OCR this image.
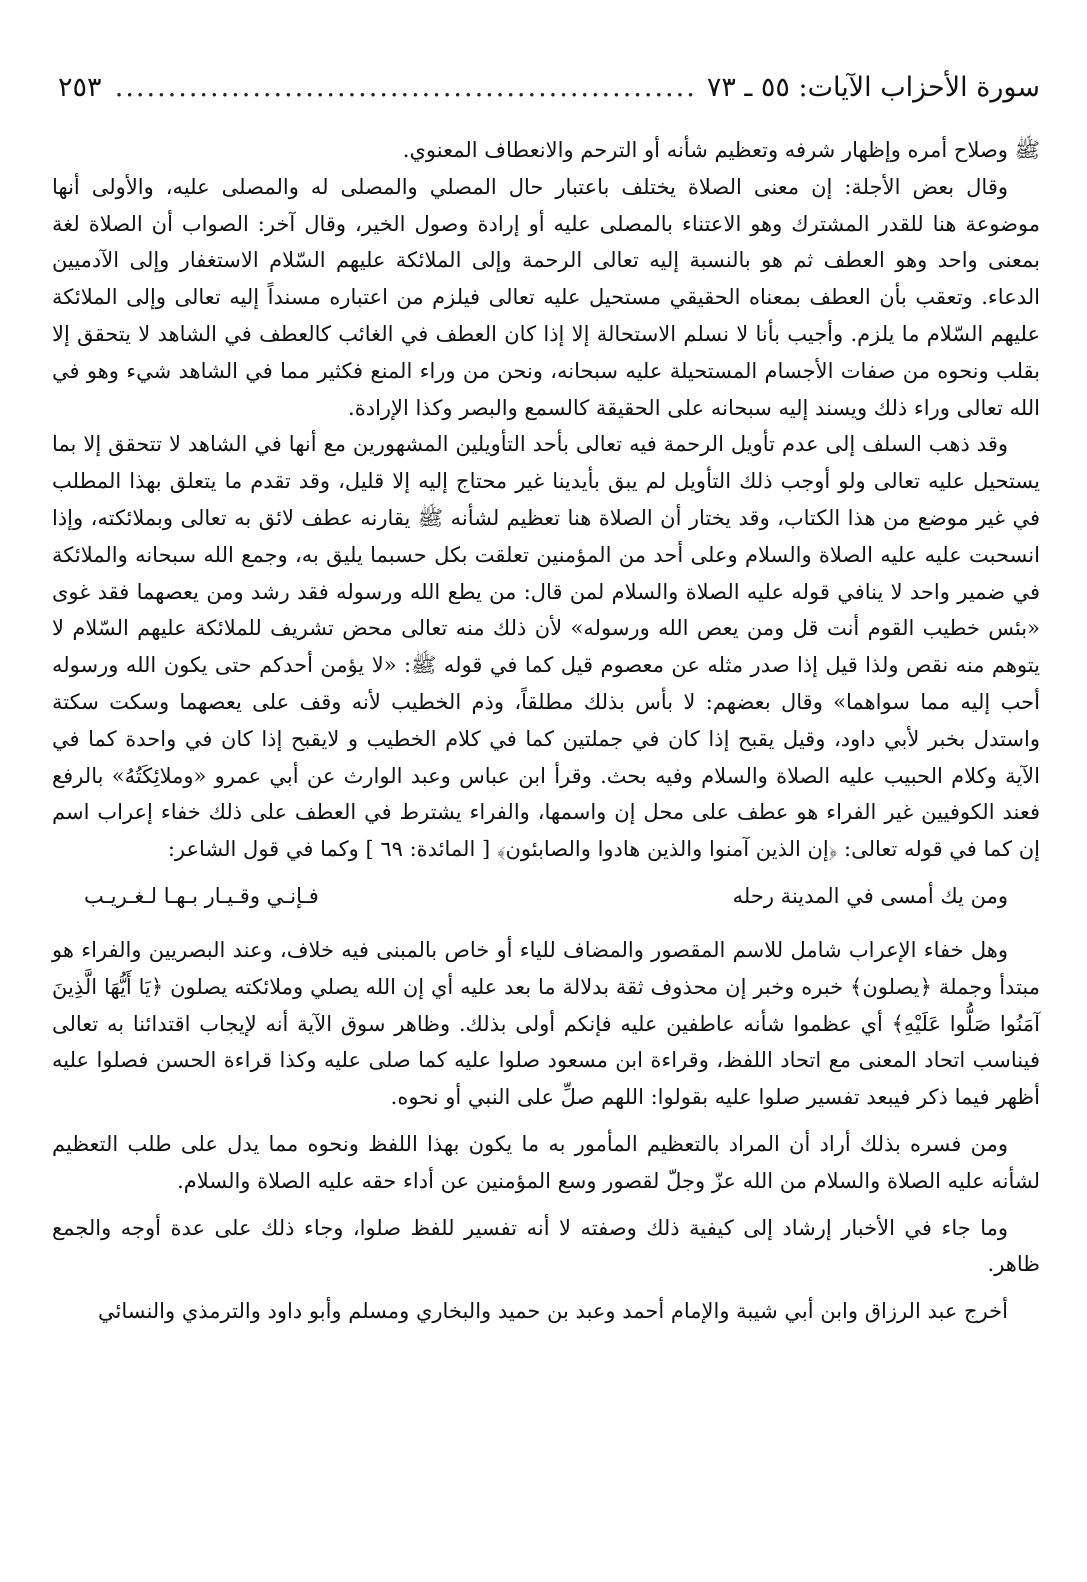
سورة الأحزاب الآيات: ٥٥ ـ ٧٣
.....
٢٥٣

ﷺ وصلاح أمره وإظهار شرفه وتعظيم شأنه أو الترحم والانعطاف المعنوي.

وقال بعض الأجلة: إن معنى الصلاة يختلف باعتبار حال المصلي والمصلى له والمصلى عليه، والأولى أنها موضوعة هنا للقدر المشترك وهو الاعتناء بالمصلى عليه أو إرادة وصول الخير، وقال آخر: الصواب أن الصلاة لغة بمعنى واحد وهو العطف ثم هو بالنسبة إليه تعالى الرحمة وإلى الملائكة عليهم السّلام الاستغفار وإلى الآدميين الدعاء. وتعقب بأن العطف بمعناه الحقيقي مستحيل عليه تعالى فيلزم من اعتباره مسنداً إليه تعالى وإلى الملائكة عليهم السّلام ما يلزم. وأجيب بأنا لا نسلم الاستحالة إلا إذا كان العطف في الغائب كالعطف في الشاهد لا يتحقق إلا بقلب ونحوه من صفات الأجسام المستحيلة عليه سبحانه، ونحن من وراء المنع فكثير مما في الشاهد شيء وهو في الله تعالى وراء ذلك ويسند إليه سبحانه على الحقيقة كالسمع والبصر وكذا الإرادة.

وقد ذهب السلف إلى عدم تأويل الرحمة فيه تعالى بأحد التأويلين المشهورين مع أنها في الشاهد لا تتحقق إلا بما يستحيل عليه تعالى ولو أوجب ذلك التأويل لم يبق بأيدينا غير محتاج إليه إلا قليل، وقد تقدم ما يتعلق بهذا المطلب في غير موضع من هذا الكتاب، وقد يختار أن الصلاة هنا تعظيم لشأنه ﷺ يقارنه عطف لائق به تعالى وبملائكته، وإذا انسحبت عليه عليه الصلاة والسلام وعلى أحد من المؤمنين تعلقت بكل حسبما يليق به، وجمع الله سبحانه والملائكة في ضمير واحد لا ينافي قوله عليه الصلاة والسلام لمن قال: من يطع الله ورسوله فقد رشد ومن يعصهما فقد غوى «بئس خطيب القوم أنت قل ومن يعص الله ورسوله» لأن ذلك منه تعالى محض تشريف للملائكة عليهم السّلام لا يتوهم منه نقص ولذا قيل إذا صدر مثله عن معصوم قيل كما في قوله ﷺ: «لا يؤمن أحدكم حتى يكون الله ورسوله أحب إليه مما سواهما» وقال بعضهم: لا بأس بذلك مطلقاً، وذم الخطيب لأنه وقف على يعصهما وسكت سكتة واستدل بخبر لأبي داود، وقيل يقبح إذا كان في جملتين كما في كلام الخطيب و لايقبح إذا كان في واحدة كما في الآية وكلام الحبيب عليه الصلاة والسلام وفيه بحث. وقرأ ابن عباس وعبد الوارث عن أبي عمرو «وملائِكَتُهُ» بالرفع فعند الكوفيين غير الفراء هو عطف على محل إن واسمها، والفراء يشترط في العطف على ذلك خفاء إعراب اسم إن كما في قوله تعالى: ﴿إن الذين آمنوا والذين هادوا والصابئون﴾ [ المائدة: ٦٩ ] وكما في قول الشاعر:

ومن يك أمسى في المدينة رحله
فـإنـي وقـيـار بـهـا لـغـريـب

وهل خفاء الإعراب شامل للاسم المقصور والمضاف للياء أو خاص بالمبنى فيه خلاف، وعند البصريين والفراء هو مبتدأ وجملة ﴿يصلون﴾ خبره وخبر إن محذوف ثقة بدلالة ما بعد عليه أي إن الله يصلي وملائكته يصلون ﴿يَا أَيُّهَا الَّذِينَ آمَنُوا صَلُّوا عَلَيْهِ﴾ أي عظموا شأنه عاطفين عليه فإنكم أولى بذلك. وظاهر سوق الآية أنه لإيجاب اقتدائنا به تعالى فيناسب اتحاد المعنى مع اتحاد اللفظ، وقراءة ابن مسعود صلوا عليه كما صلى عليه وكذا قراءة الحسن فصلوا عليه أظهر فيما ذكر فيبعد تفسير صلوا عليه بقولوا: اللهم صلِّ على النبي أو نحوه.

ومن فسره بذلك أراد أن المراد بالتعظيم المأمور به ما يكون بهذا اللفظ ونحوه مما يدل على طلب التعظيم لشأنه عليه الصلاة والسلام من الله عزّ وجلّ لقصور وسع المؤمنين عن أداء حقه عليه الصلاة والسلام.

وما جاء في الأخبار إرشاد إلى كيفية ذلك وصفته لا أنه تفسير للفظ صلوا، وجاء ذلك على عدة أوجه والجمع ظاهر.

أخرج عبد الرزاق وابن أبي شيبة والإمام أحمد وعبد بن حميد والبخاري ومسلم وأبو داود والترمذي والنسائي
